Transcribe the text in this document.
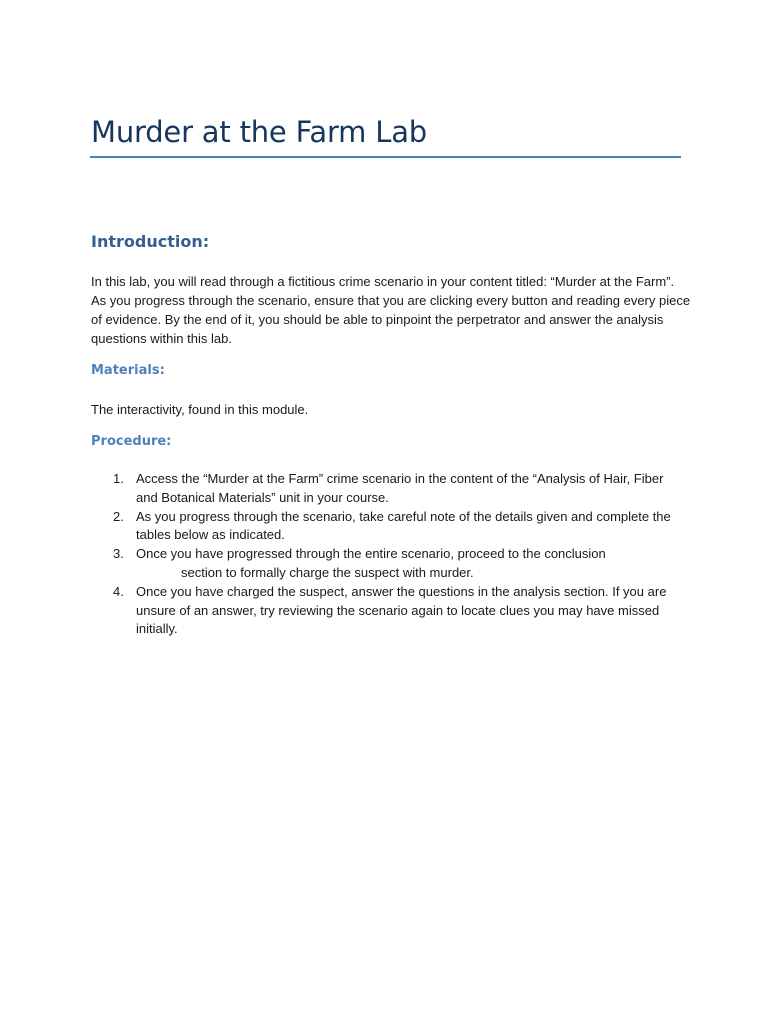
Murder at the Farm Lab
Introduction:

In this lab, you will read through a fictitious crime scenario in your content titled: “Murder at the Farm”. As you progress through the scenario, ensure that you are clicking every button and reading every piece of evidence. By the end of it, you should be able to pinpoint the perpetrator and answer the analysis questions within this lab.

Materials:

The interactivity, found in this module.

Procedure:
1. Access the “Murder at the Farm” crime scenario in the content of the “Analysis of Hair, Fiber and Botanical Materials” unit in your course.
2. As you progress through the scenario, take careful note of the details given and complete the tables below as indicated.
3. Once you have progressed through the entire scenario, proceed to the conclusion
section to formally charge the suspect with murder.
4. Once you have charged the suspect, answer the questions in the analysis section. If you are unsure of an answer, try reviewing the scenario again to locate clues you may have missed initially.
